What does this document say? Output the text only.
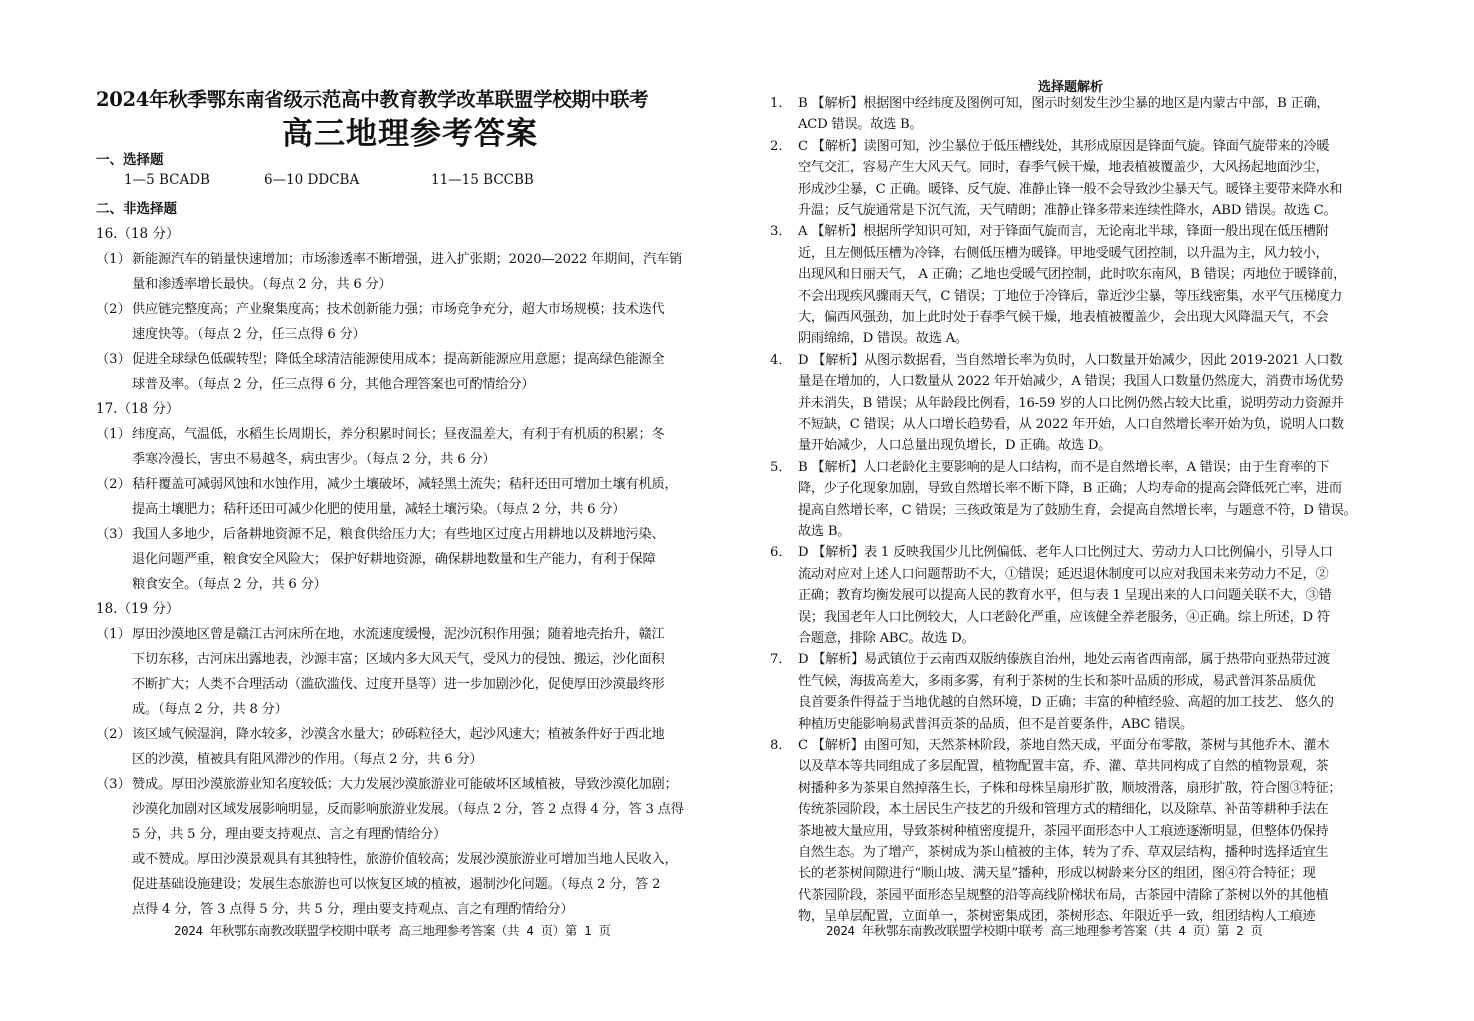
2024年秋季鄂东南省级示范高中教育教学改革联盟学校期中联考
高三地理参考答案
一、选择题
1—5 BCADB	6—10 DDCBA	11—15 BCCBB
二、非选择题
16.（18 分）
（1） 新能源汽车的销量快速增加；市场渗透率不断增强，进入扩张期；2020—2022 年期间，汽车销
量和渗透率增长最快。（每点 2 分，共 6 分）
（2） 供应链完整度高；产业聚集度高；技术创新能力强；市场竞争充分，超大市场规模；技术迭代
速度快等。（每点 2 分，任三点得 6 分）
（3） 促进全球绿色低碳转型；降低全球清洁能源使用成本；提高新能源应用意愿；提高绿色能源全
球普及率。（每点 2 分，任三点得 6 分，其他合理答案也可酌情给分）
17.（18 分）
（1） 纬度高，气温低，水稻生长周期长，养分积累时间长；昼夜温差大，有利于有机质的积累；冬
季寒冷漫长，害虫不易越冬，病虫害少。（每点 2 分，共 6 分）
（2） 秸秆覆盖可减弱风蚀和水蚀作用，减少土壤破坏，减轻黑土流失；秸秆还田可增加土壤有机质，
提高土壤肥力；秸秆还田可减少化肥的使用量，减轻土壤污染。（每点 2 分，共 6 分）
（3） 我国人多地少，后备耕地资源不足，粮食供给压力大；有些地区过度占用耕地以及耕地污染、
退化问题严重，粮食安全风险大； 保护好耕地资源，确保耕地数量和生产能力，有利于保障
粮食安全。（每点 2 分，共 6 分）
18.（19 分）
（1） 厚田沙漠地区曾是赣江古河床所在地，水流速度缓慢，泥沙沉积作用强；随着地壳抬升，赣江
下切东移，古河床出露地表，沙源丰富；区域内多大风天气，受风力的侵蚀、搬运，沙化面积
不断扩大；人类不合理活动（滥砍滥伐、过度开垦等）进一步加剧沙化，促使厚田沙漠最终形
成。（每点 2 分，共 8 分）
（2） 该区域气候湿润，降水较多，沙漠含水量大；砂砾粒径大，起沙风速大；植被条件好于西北地
区的沙漠，植被具有阻风滞沙的作用。（每点 2 分，共 6 分）
（3） 赞成。厚田沙漠旅游业知名度较低；大力发展沙漠旅游业可能破坏区域植被，导致沙漠化加剧；
沙漠化加剧对区域发展影响明显，反而影响旅游业发展。（每点 2 分，答 2 点得 4 分，答 3 点得
5 分，共 5 分，理由要支持观点、言之有理酌情给分）
或不赞成。厚田沙漠景观具有其独特性，旅游价值较高；发展沙漠旅游业可增加当地人民收入，
促进基础设施建设；发展生态旅游也可以恢复区域的植被，遏制沙化问题。（每点 2 分，答 2
点得 4 分，答 3 点得 5 分，共 5 分，理由要支持观点、言之有理酌情给分）
2024 年秋鄂东南教改联盟学校期中联考 高三地理参考答案（共 4 页）第 1 页
选择题解析
1． B 【解析】根据图中经纬度及图例可知，图示时刻发生沙尘暴的地区是内蒙古中部，B 正确，
ACD 错误。故选 B。
2． C 【解析】读图可知，沙尘暴位于低压槽线处，其形成原因是锋面气旋。锋面气旋带来的冷暖
空气交汇，容易产生大风天气。同时，春季气候干燥，地表植被覆盖少，大风扬起地面沙尘，
形成沙尘暴，C 正确。暖锋、反气旋、准静止锋一般不会导致沙尘暴天气。暖锋主要带来降水和
升温；反气旋通常是下沉气流，天气晴朗；准静止锋多带来连续性降水，ABD 错误。故选 C。
3． A 【解析】根据所学知识可知，对于锋面气旋而言，无论南北半球，锋面一般出现在低压槽附
近，且左侧低压槽为冷锋，右侧低压槽为暖锋。甲地受暖气团控制，以升温为主，风力较小，
出现风和日丽天气， A 正确；乙地也受暖气团控制，此时吹东南风，B 错误；丙地位于暖锋前，
不会出现疾风骤雨天气，C 错误；丁地位于冷锋后，靠近沙尘暴，等压线密集，水平气压梯度力
大，偏西风强劲，加上此时处于春季气候干燥，地表植被覆盖少，会出现大风降温天气，不会
阴雨绵绵，D 错误。故选 A。
4． D 【解析】从图示数据看，当自然增长率为负时，人口数量开始减少，因此 2019-2021 人口数
量是在增加的，人口数量从 2022 年开始减少，A 错误；我国人口数量仍然庞大，消费市场优势
并未消失，B 错误；从年龄段比例看，16-59 岁的人口比例仍然占较大比重，说明劳动力资源并
不短缺，C 错误；从人口增长趋势看，从 2022 年开始，人口自然增长率开始为负，说明人口数
量开始减少，人口总量出现负增长，D 正确。故选 D。
5． B 【解析】人口老龄化主要影响的是人口结构，而不是自然增长率，A 错误；由于生育率的下
降，少子化现象加剧，导致自然增长率不断下降，B 正确；人均寿命的提高会降低死亡率，进而
提高自然增长率，C 错误；三孩政策是为了鼓励生育，会提高自然增长率，与题意不符，D 错误。
故选 B。
6． D 【解析】表 1 反映我国少儿比例偏低、老年人口比例过大、劳动力人口比例偏小，引导人口
流动对应对上述人口问题帮助不大，①错误；延迟退休制度可以应对我国未来劳动力不足，②
正确；教育均衡发展可以提高人民的教育水平，但与表 1 呈现出来的人口问题关联不大，③错
误；我国老年人口比例较大，人口老龄化严重，应该健全养老服务，④正确。综上所述，D 符
合题意，排除 ABC。故选 D。
7． D 【解析】易武镇位于云南西双版纳傣族自治州，地处云南省西南部，属于热带向亚热带过渡
性气候，海拔高差大，多雨多雾，有利于茶树的生长和茶叶品质的形成，易武普洱茶品质优
良首要条件得益于当地优越的自然环境，D 正确；丰富的种植经验、高超的加工技艺、 悠久的
种植历史能影响易武普洱贡茶的品质，但不是首要条件，ABC 错误。
8． C 【解析】由图可知，天然茶林阶段，茶地自然天成，平面分布零散，茶树与其他乔木、灌木
以及草本等共同组成了多层配置，植物配置丰富，乔、灌、草共同构成了自然的植物景观，茶
树播种多为茶果自然掉落生长，子株和母株呈扇形扩散，顺坡滑落，扇形扩散，符合图③特征；
传统茶园阶段，本土居民生产技艺的升级和管理方式的精细化，以及除草、补苗等耕种手法在
茶地被大量应用，导致茶树种植密度提升，茶园平面形态中人工痕迹逐渐明显，但整体仍保持
自然生态。为了增产，茶树成为茶山植被的主体，转为了乔、草双层结构，播种时选择适宜生
长的老茶树间隙进行“顺山坡、满天星”播种，形成以树龄来分区的组团，图④符合特征；现
代茶园阶段，茶园平面形态呈规整的沿等高线阶梯状布局，古茶园中清除了茶树以外的其他植
物，呈单层配置，立面单一，茶树密集成团，茶树形态、年限近乎一致，组团结构人工痕迹
2024 年秋鄂东南教改联盟学校期中联考 高三地理参考答案（共 4 页）第 2 页
